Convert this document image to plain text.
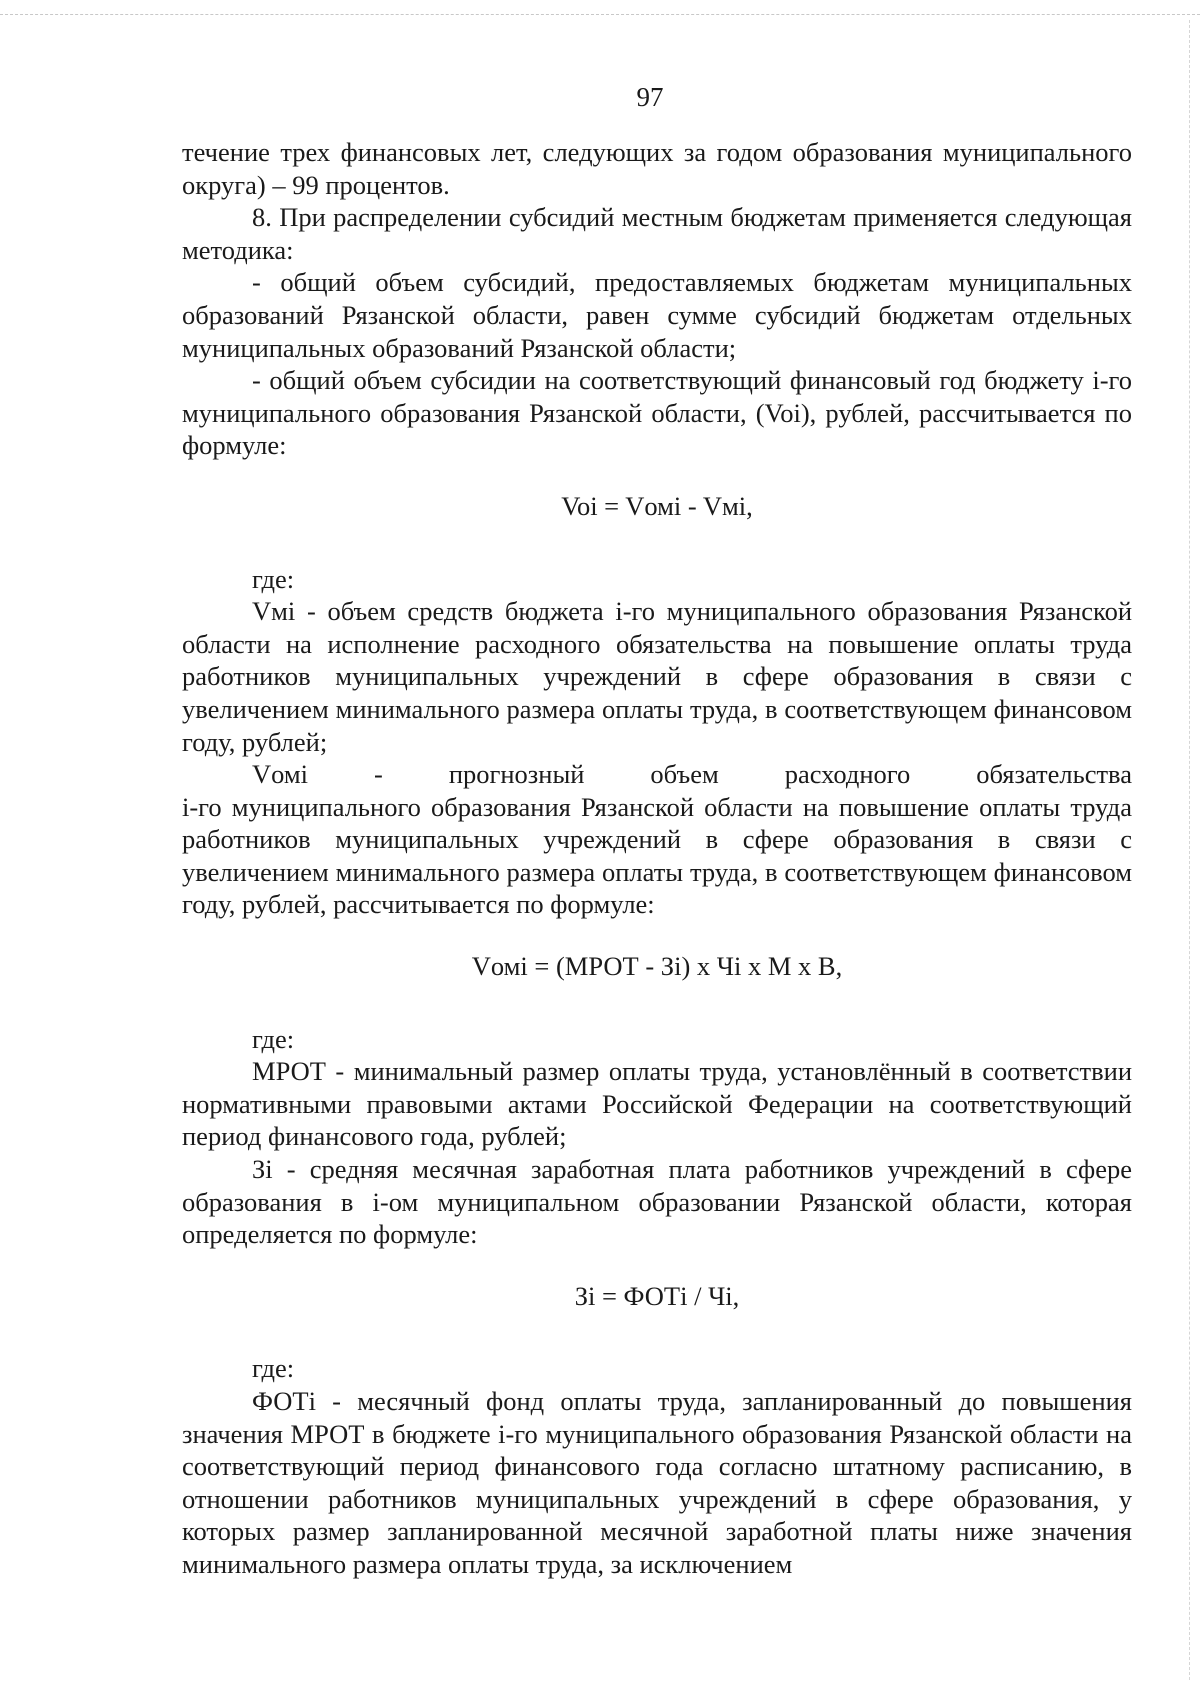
97

течение трех финансовых лет, следующих за годом образования муниципального округа) – 99 процентов.

8. При распределении субсидий местным бюджетам применяется следующая методика:

- общий объем субсидий, предоставляемых бюджетам муниципальных образований Рязанской области, равен сумме субсидий бюджетам отдельных муниципальных образований Рязанской области;

- общий объем субсидии на соответствующий финансовый год бюджету i-го муниципального образования Рязанской области, (Voi), рублей, рассчитывается по формуле:

Voi = Vомi - Vмi,

где:

Vмi - объем средств бюджета i-го муниципального образования Рязанской области на исполнение расходного обязательства на повышение оплаты труда работников муниципальных учреждений в сфере образования в связи с увеличением минимального размера оплаты труда, в соответствующем финансовом году, рублей;

Vомi - прогнозный объем расходного обязательства

i-го муниципального образования Рязанской области на повышение оплаты труда работников муниципальных учреждений в сфере образования в связи с увеличением минимального размера оплаты труда, в соответствующем финансовом году, рублей, рассчитывается по формуле:

Vомi = (МРОТ - Зi) х Чi х М х В,

где:

МРОТ - минимальный размер оплаты труда, установлённый в соответствии нормативными правовыми актами Российской Федерации на соответствующий период финансового года, рублей;

Зi - средняя месячная заработная плата работников учреждений в сфере образования в i-ом муниципальном образовании Рязанской области, которая определяется по формуле:

Зi = ФОТi / Чi,

где:

ФОТi - месячный фонд оплаты труда, запланированный до повышения значения МРОТ в бюджете i-го муниципального образования Рязанской области на соответствующий период финансового года согласно штатному расписанию, в отношении работников муниципальных учреждений в сфере образования, у которых размер запланированной месячной заработной платы ниже значения минимального размера оплаты труда, за исключением
